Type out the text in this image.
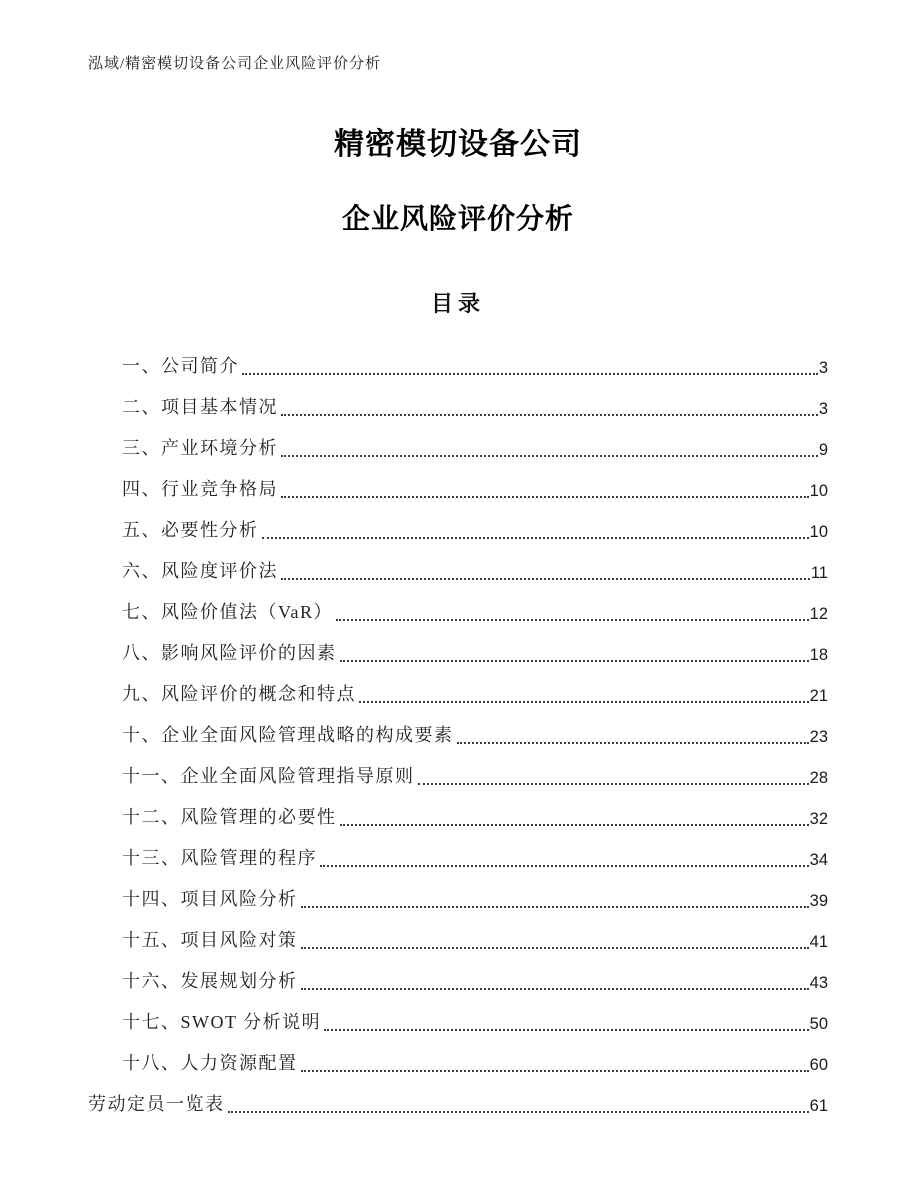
泓域/精密模切设备公司企业风险评价分析
精密模切设备公司
企业风险评价分析
目录
一、公司简介	3
二、项目基本情况	3
三、产业环境分析	9
四、行业竞争格局	10
五、必要性分析	10
六、风险度评价法	11
七、风险价值法（VaR）	12
八、影响风险评价的因素	18
九、风险评价的概念和特点	21
十、企业全面风险管理战略的构成要素	23
十一、企业全面风险管理指导原则	28
十二、风险管理的必要性	32
十三、风险管理的程序	34
十四、项目风险分析	39
十五、项目风险对策	41
十六、发展规划分析	43
十七、SWOT 分析说明	50
十八、人力资源配置	60
劳动定员一览表	61
